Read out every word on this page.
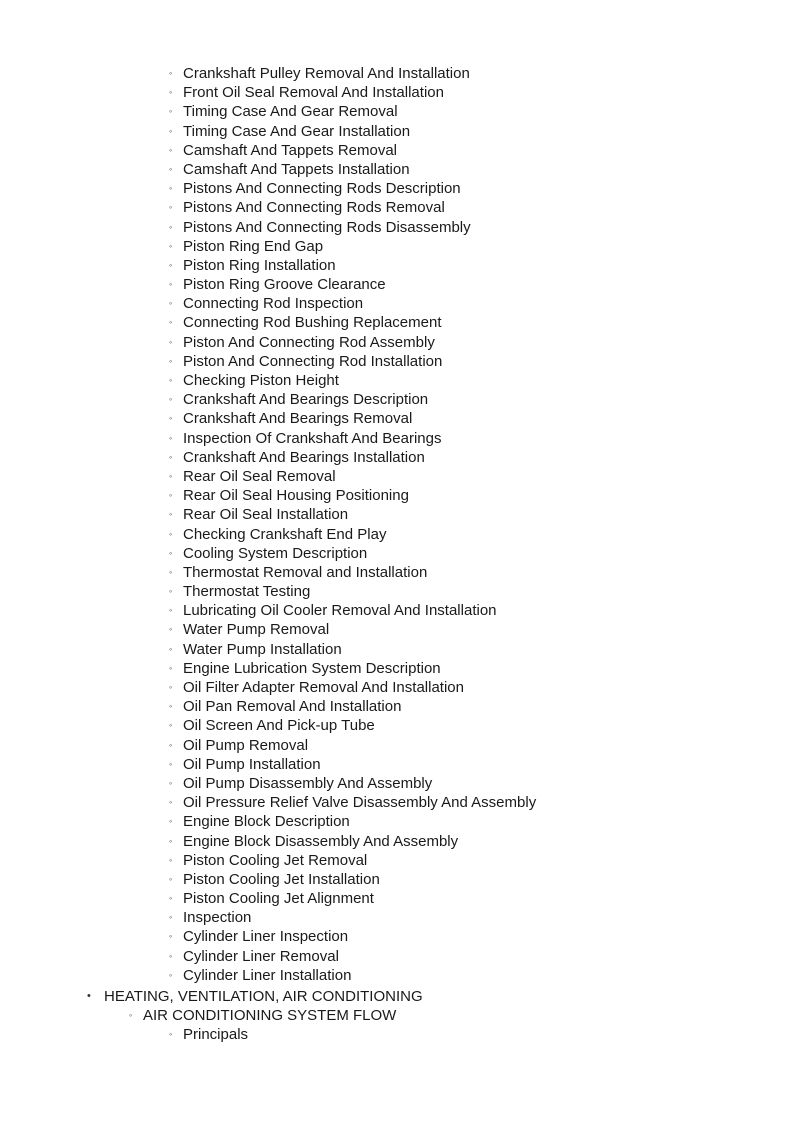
◦ Crankshaft Pulley Removal And Installation
◦ Front Oil Seal Removal And Installation
◦ Timing Case And Gear Removal
◦ Timing Case And Gear Installation
◦ Camshaft And Tappets Removal
◦ Camshaft And Tappets Installation
◦ Pistons And Connecting Rods Description
◦ Pistons And Connecting Rods Removal
◦ Pistons And Connecting Rods Disassembly
◦ Piston Ring End Gap
◦ Piston Ring Installation
◦ Piston Ring Groove Clearance
◦ Connecting Rod Inspection
◦ Connecting Rod Bushing Replacement
◦ Piston And Connecting Rod Assembly
◦ Piston And Connecting Rod Installation
◦ Checking Piston Height
◦ Crankshaft And Bearings Description
◦ Crankshaft And Bearings Removal
◦ Inspection Of Crankshaft And Bearings
◦ Crankshaft And Bearings Installation
◦ Rear Oil Seal Removal
◦ Rear Oil Seal Housing Positioning
◦ Rear Oil Seal Installation
◦ Checking Crankshaft End Play
◦ Cooling System Description
◦ Thermostat Removal and Installation
◦ Thermostat Testing
◦ Lubricating Oil Cooler Removal And Installation
◦ Water Pump Removal
◦ Water Pump Installation
◦ Engine Lubrication System Description
◦ Oil Filter Adapter Removal And Installation
◦ Oil Pan Removal And Installation
◦ Oil Screen And Pick-up Tube
◦ Oil Pump Removal
◦ Oil Pump Installation
◦ Oil Pump Disassembly And Assembly
◦ Oil Pressure Relief Valve Disassembly And Assembly
◦ Engine Block Description
◦ Engine Block Disassembly And Assembly
◦ Piston Cooling Jet Removal
◦ Piston Cooling Jet Installation
◦ Piston Cooling Jet Alignment
◦ Inspection
◦ Cylinder Liner Inspection
◦ Cylinder Liner Removal
◦ Cylinder Liner Installation
• HEATING, VENTILATION, AIR CONDITIONING
◦ AIR CONDITIONING SYSTEM FLOW
◦ Principals
